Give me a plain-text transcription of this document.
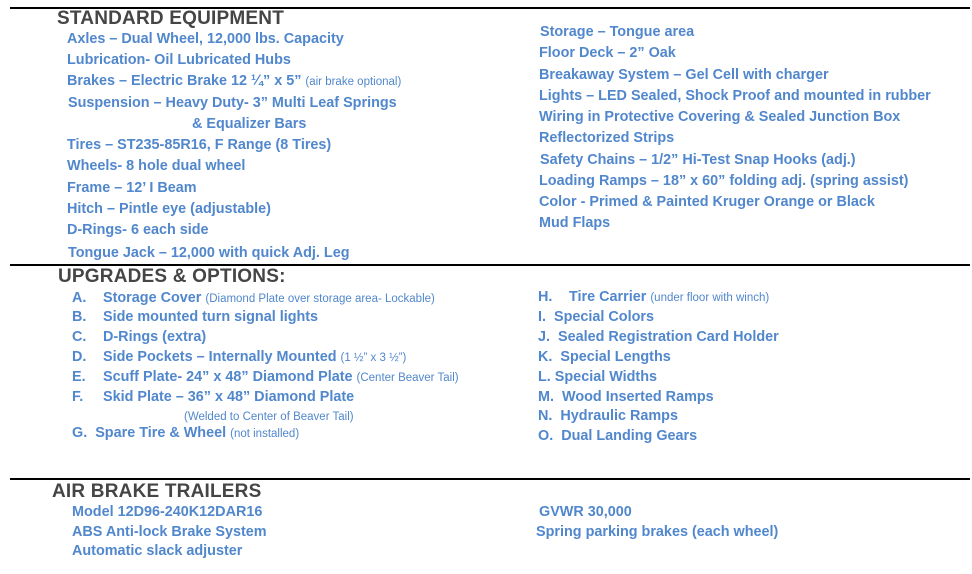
STANDARD EQUIPMENT
Axles – Dual Wheel, 12,000 lbs. Capacity
Lubrication- Oil Lubricated Hubs
Brakes – Electric Brake 12 ¼” x 5” (air brake optional)
Suspension – Heavy Duty- 3” Multi Leaf Springs
& Equalizer Bars
Tires – ST235-85R16, F Range (8 Tires)
Wheels- 8 hole dual wheel
Frame – 12’ I Beam
Hitch – Pintle eye (adjustable)
D-Rings- 6 each side
Tongue Jack – 12,000 with quick Adj. Leg
Storage – Tongue area
Floor Deck – 2” Oak
Breakaway System – Gel Cell with charger
Lights – LED Sealed, Shock Proof and mounted in rubber
Wiring in Protective Covering & Sealed Junction Box
Reflectorized Strips
Safety Chains – 1/2” Hi-Test Snap Hooks (adj.)
Loading Ramps – 18” x 60” folding adj. (spring assist)
Color - Primed & Painted Kruger Orange or Black
Mud Flaps
UPGRADES & OPTIONS:
A. Storage Cover (Diamond Plate over storage area- Lockable)
B. Side mounted turn signal lights
C. D-Rings (extra)
D. Side Pockets – Internally Mounted (1 ½” x 3 ½”)
E. Scuff Plate- 24” x 48” Diamond Plate (Center Beaver Tail)
F. Skid Plate – 36” x 48” Diamond Plate
(Welded to Center of Beaver Tail)
G. Spare Tire & Wheel (not installed)
H. Tire Carrier (under floor with winch)
I. Special Colors
J. Sealed Registration Card Holder
K. Special Lengths
L. Special Widths
M. Wood Inserted Ramps
N. Hydraulic Ramps
O. Dual Landing Gears
AIR BRAKE TRAILERS
Model 12D96-240K12DAR16
ABS Anti-lock Brake System
Automatic slack adjuster
GVWR 30,000
Spring parking brakes (each wheel)
